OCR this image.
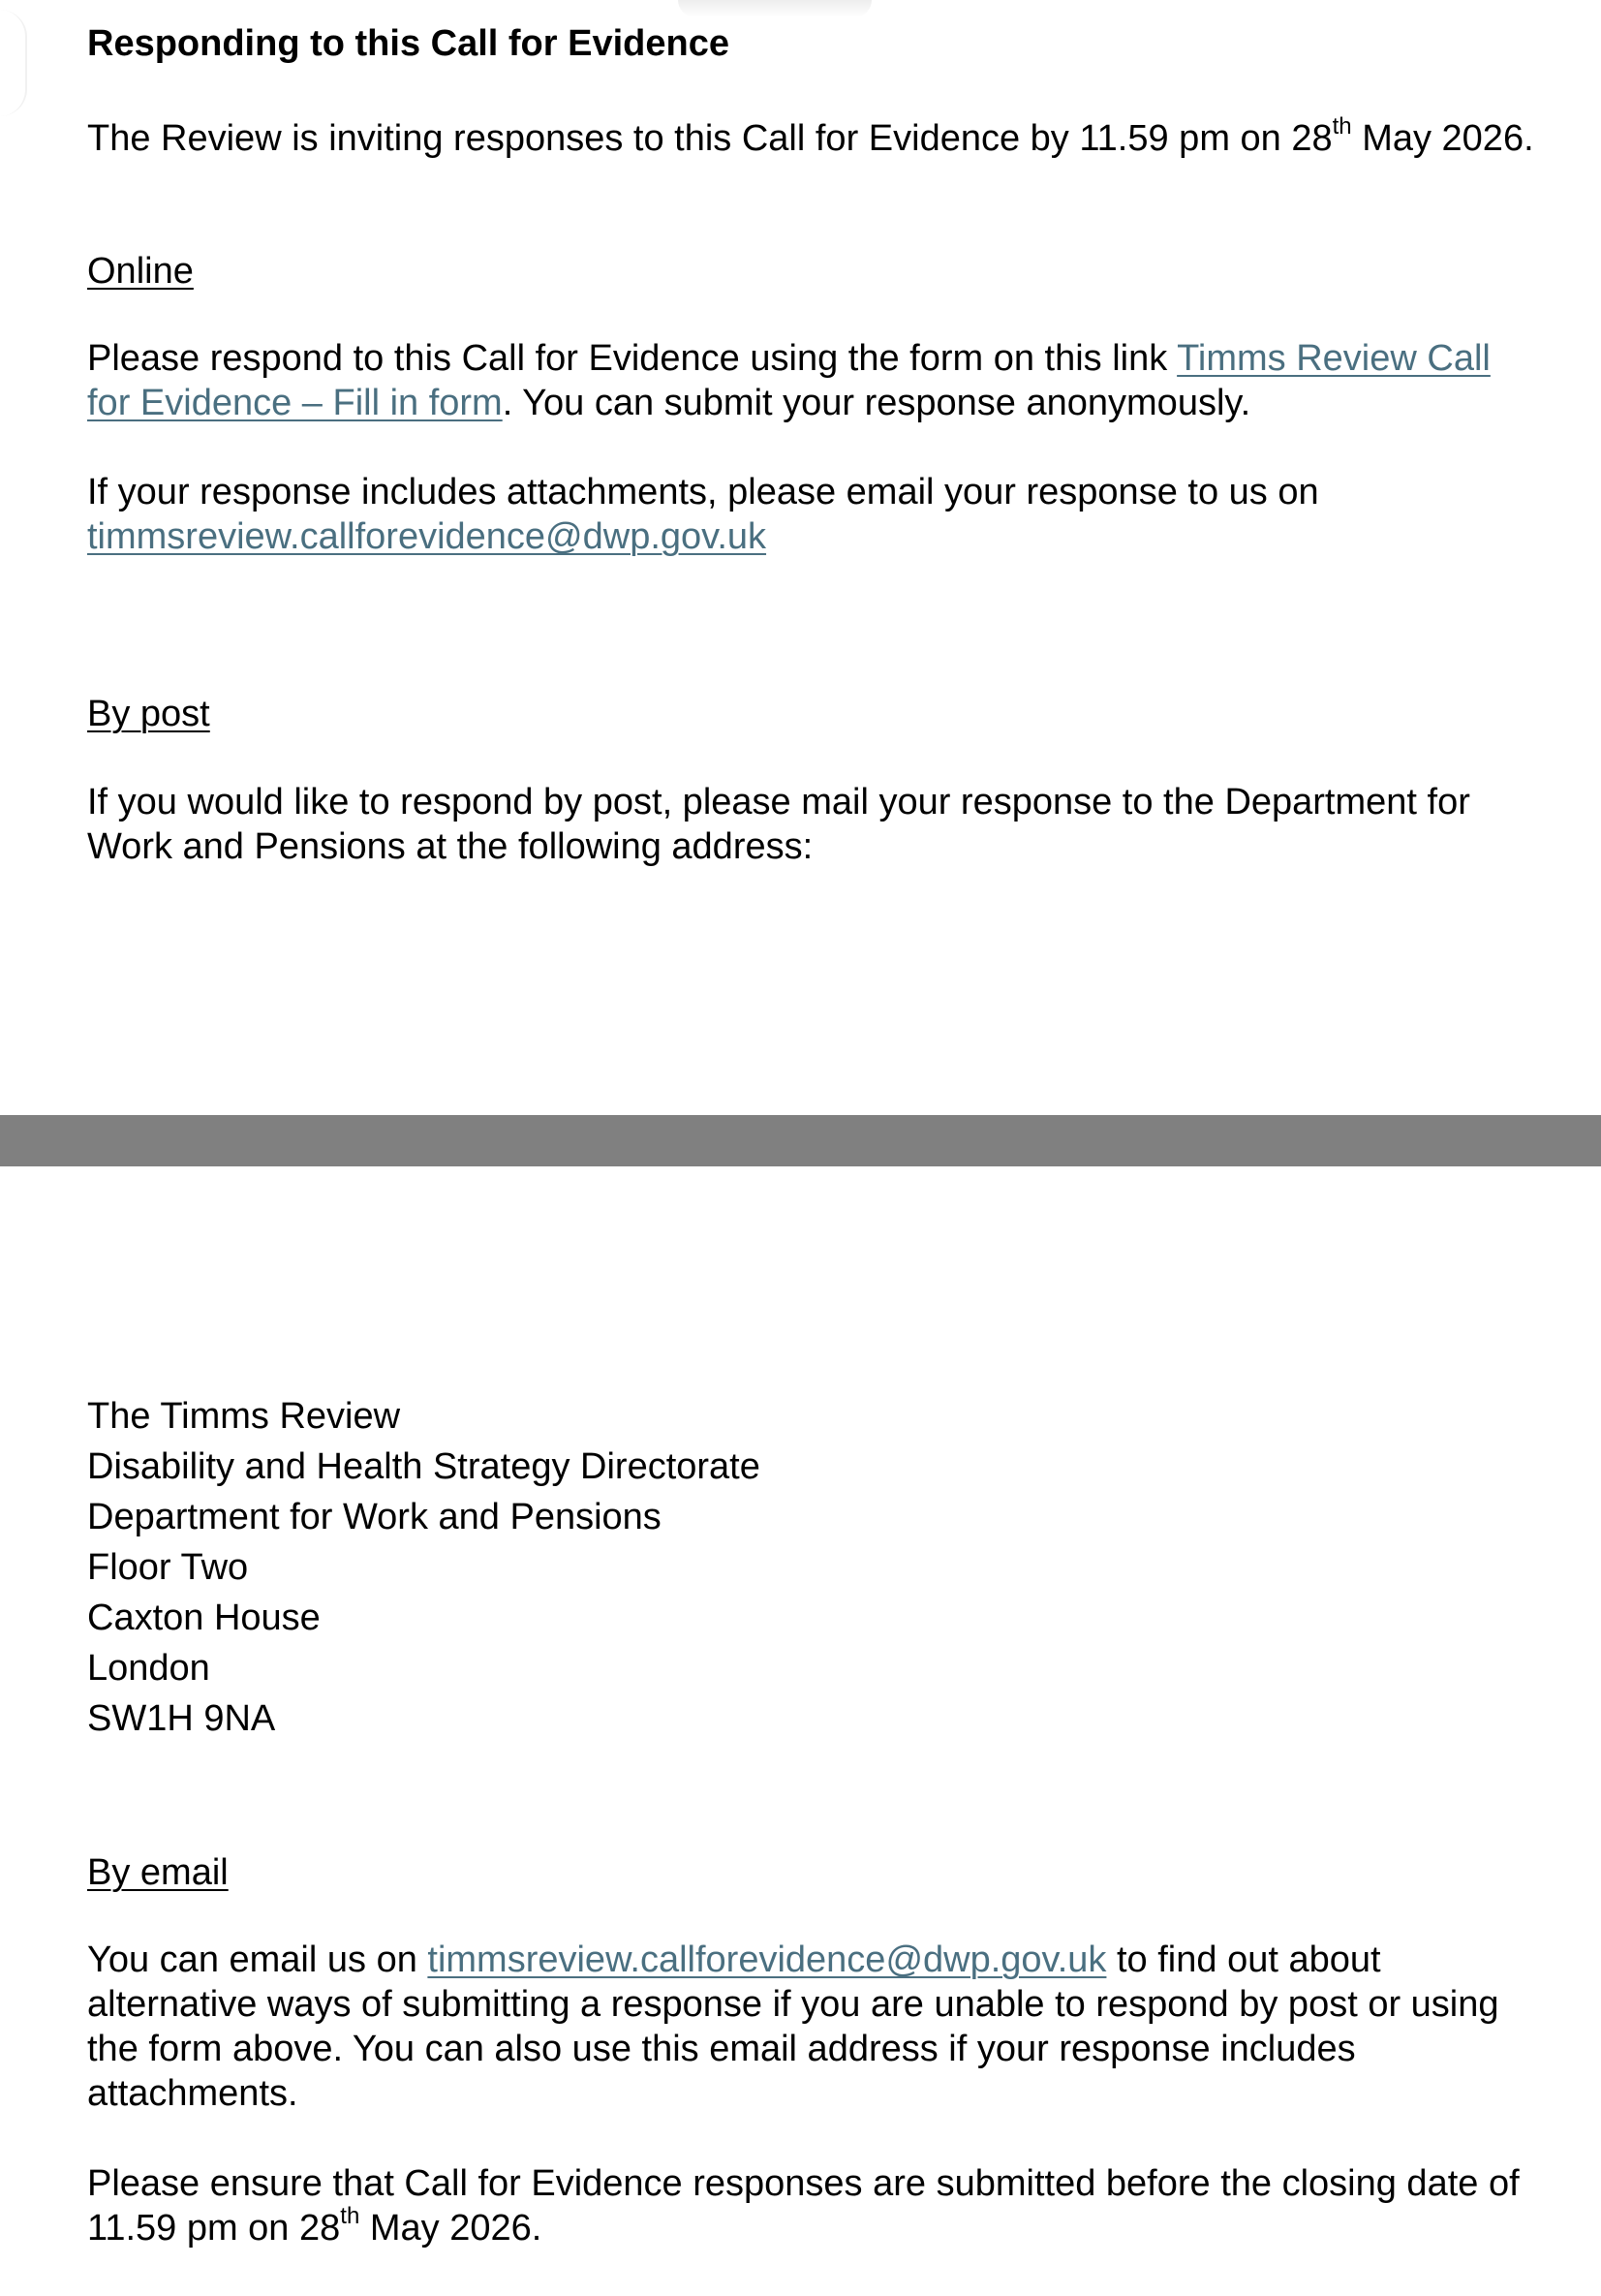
Responding to this Call for Evidence

The Review is inviting responses to this Call for Evidence by 11.59 pm on 28th May 2026.

Online

Please respond to this Call for Evidence using the form on this link Timms Review Call for Evidence – Fill in form. You can submit your response anonymously.

If your response includes attachments, please email your response to us on timmsreview.callforevidence@dwp.gov.uk

By post

If you would like to respond by post, please mail your response to the Department for Work and Pensions at the following address:

The Timms Review
Disability and Health Strategy Directorate
Department for Work and Pensions
Floor Two
Caxton House
London
SW1H 9NA

By email

You can email us on timmsreview.callforevidence@dwp.gov.uk to find out about alternative ways of submitting a response if you are unable to respond by post or using the form above. You can also use this email address if your response includes attachments.

Please ensure that Call for Evidence responses are submitted before the closing date of 11.59 pm on 28th May 2026.
